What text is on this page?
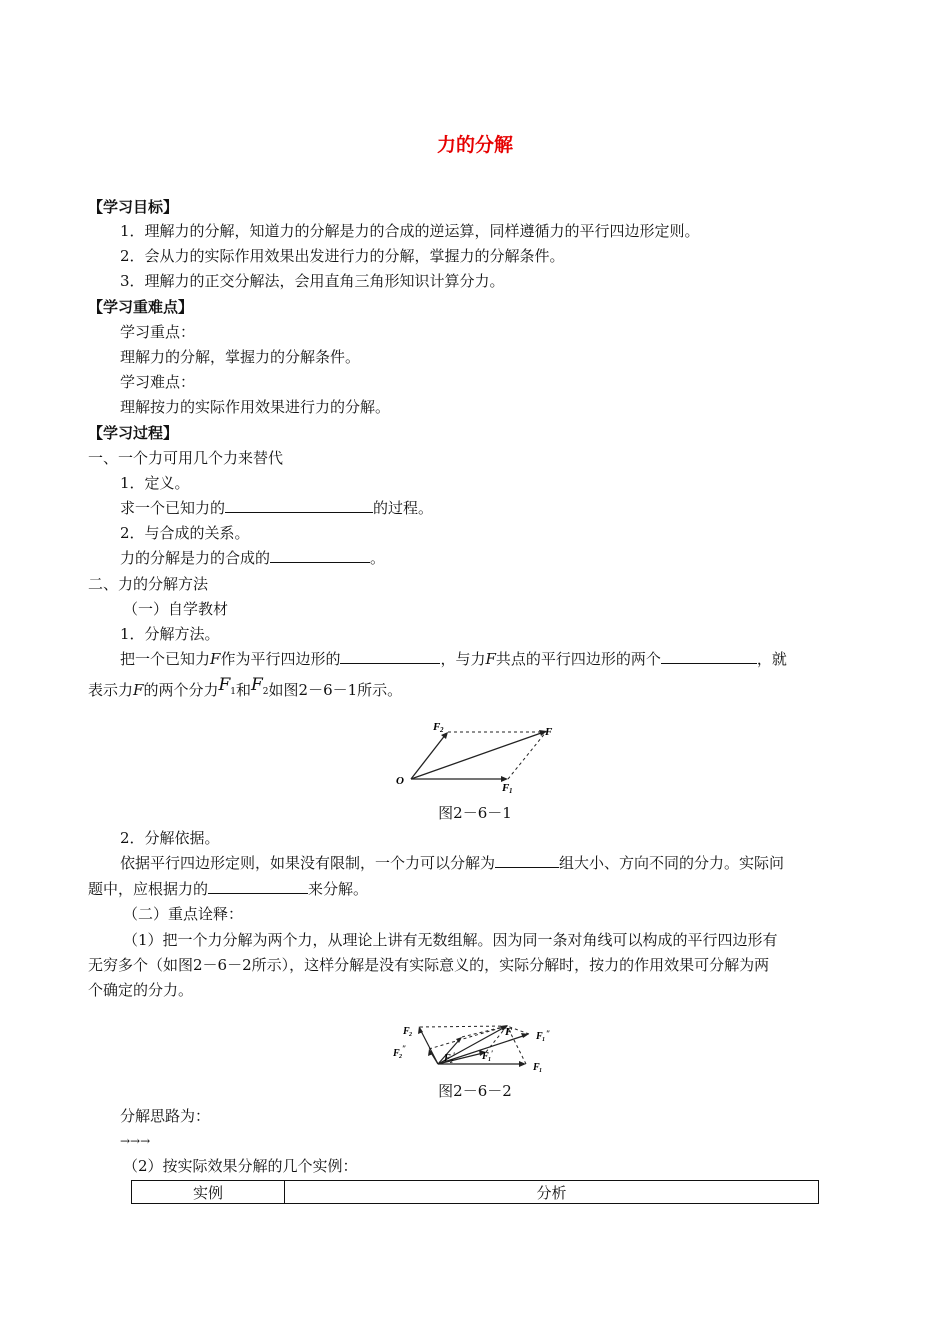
力的分解
【学习目标】
1．理解力的分解，知道力的分解是力的合成的逆运算，同样遵循力的平行四边形定则。
2．会从力的实际作用效果出发进行力的分解，掌握力的分解条件。
3．理解力的正交分解法，会用直角三角形知识计算分力。
【学习重难点】
学习重点：
理解力的分解，掌握力的分解条件。
学习难点：
理解按力的实际作用效果进行力的分解。
【学习过程】
一、一个力可用几个力来替代
1．定义。
求一个已知力的	的过程。
2．与合成的关系。
力的分解是力的合成的	。
二、力的分解方法
（一）自学教材
1．分解方法。
把一个已知力F作为平行四边形的	，与力F共点的平行四边形的两个	，就
表示力F的两个分力$F_1$和$F_2$如图2－6－1所示。
O
F
F 1
F 2
图2－6－1
2．分解依据。
依据平行四边形定则，如果没有限制，一个力可以分解为	组大小、方向不同的分力。实际问
题中，应根据力的	来分解。
（二）重点诠释：
（1）把一个力分解为两个力，从理论上讲有无数组解。因为同一条对角线可以构成的平行四边形有
无穷多个（如图2－6－2所示），这样分解是没有实际意义的，实际分解时，按力的作用效果可分解为两
个确定的分力。
F
F 2
F 2
′
F 1
″
F 2
″
F 1
′
F 1
图2－6－2
分解思路为：
→→→
（2）按实际效果分解的几个实例：
实例	分析
